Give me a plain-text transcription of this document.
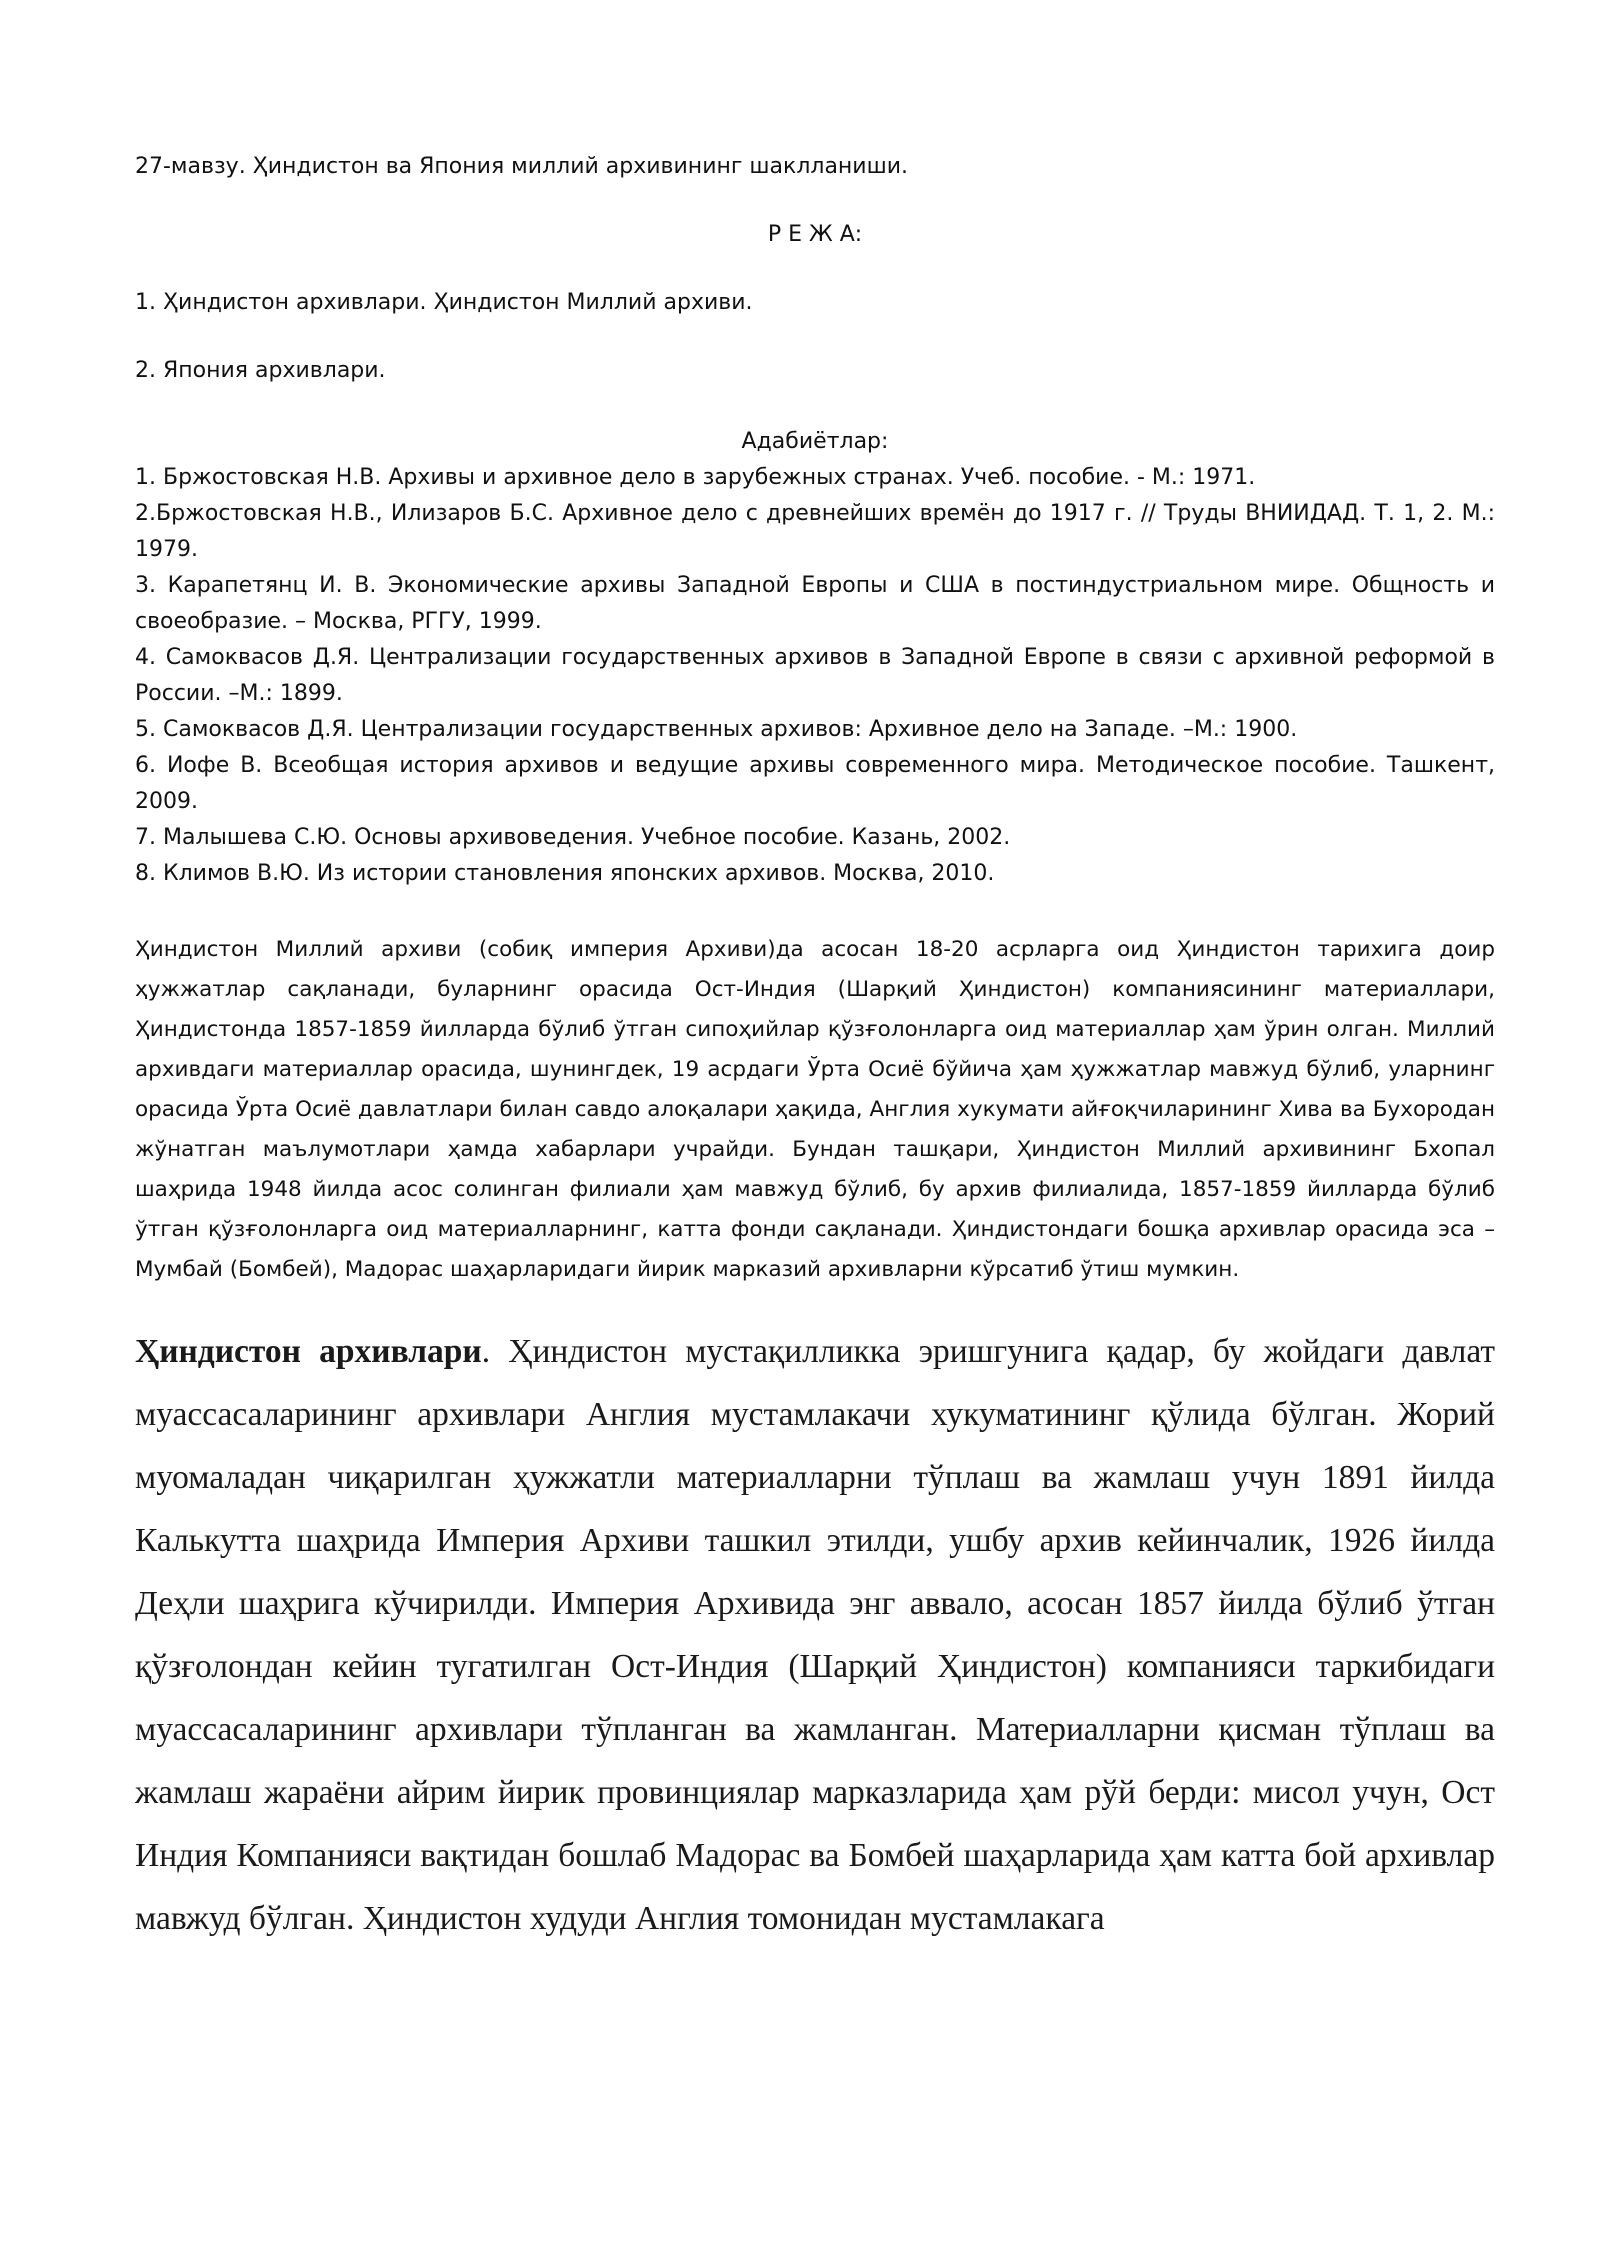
27-мавзу. Ҳиндистон ва Япония миллий архивининг шаклланиши.

Р Е Ж А:

1. Ҳиндистон архивлари. Ҳиндистон Миллий архиви.

2. Япония архивлари.

Адабиётлар:

1. Бржостовская Н.В. Архивы и архивное дело в зарубежных странах. Учеб. пособие. - М.: 1971.
2.Бржостовская Н.В., Илизаров Б.С. Архивное дело с древнейших времён до 1917 г. // Труды ВНИИДАД. Т. 1, 2. М.: 1979.
3. Карапетянц И. В. Экономические архивы Западной Европы и США в постиндустриальном мире. Общность и своеобразие. – Москва, РГГУ, 1999.
4. Самоквасов Д.Я. Централизации государственных архивов в Западной Европе в связи с архивной реформой в России. –М.: 1899.
5. Самоквасов Д.Я. Централизации государственных архивов: Архивное дело на Западе. –М.: 1900.
6. Иофе В. Всеобщая история архивов и ведущие архивы современного мира. Методическое пособие. Ташкент, 2009.
7. Малышева С.Ю. Основы архивоведения. Учебное пособие. Казань, 2002.
8. Климов В.Ю. Из истории становления японских архивов. Москва, 2010.

Ҳиндистон Миллий архиви (собиқ империя Архиви)да асосан 18-20 асрларга оид Ҳиндистон тарихига доир ҳужжатлар сақланади, буларнинг орасида Ост-Индия (Шарқий Ҳиндистон) компаниясининг материаллари, Ҳиндистонда 1857-1859 йилларда бўлиб ўтган сипоҳийлар қўзғолонларга оид материаллар ҳам ўрин олган. Миллий архивдаги материаллар орасида, шунингдек, 19 асрдаги Ўрта Осиё бўйича ҳам ҳужжатлар мавжуд бўлиб, уларнинг орасида Ўрта Осиё давлатлари билан савдо алоқалари ҳақида, Англия хукумати айғоқчиларининг Хива ва Бухородан жўнатган маълумотлари ҳамда хабарлари учрайди. Бундан ташқари, Ҳиндистон Миллий архивининг Бхопал шаҳрида 1948 йилда асос солинган филиали ҳам мавжуд бўлиб, бу архив филиалида, 1857-1859 йилларда бўлиб ўтган қўзғолонларга оид материалларнинг, катта фонди сақланади. Ҳиндистондаги бошқа архивлар орасида эса – Мумбай (Бомбей), Мадорас шаҳарларидаги йирик марказий архивларни кўрсатиб ўтиш мумкин.

Ҳиндистон архивлари. Ҳиндистон мустақилликка эришгунига қадар, бу жойдаги давлат муассасаларининг архивлари Англия мустамлакачи хукуматининг қўлида бўлган. Жорий муомаладан чиқарилган ҳужжатли материалларни тўплаш ва жамлаш учун 1891 йилда Калькутта шаҳрида Империя Архиви ташкил этилди, ушбу архив кейинчалик, 1926 йилда Деҳли шаҳрига кўчирилди. Империя Архивида энг аввало, асосан 1857 йилда бўлиб ўтган қўзғолондан кейин тугатилган Ост-Индия (Шарқий Ҳиндистон) компанияси таркибидаги муассасаларининг архивлари тўпланган ва жамланган. Материалларни қисман тўплаш ва жамлаш жараёни айрим йирик провинциялар марказларида ҳам рўй берди: мисол учун, Ост Индия Компанияси вақтидан бошлаб Мадорас ва Бомбей шаҳарларида ҳам катта бой архивлар мавжуд бўлган. Ҳиндистон худуди Англия томонидан мустамлакага
